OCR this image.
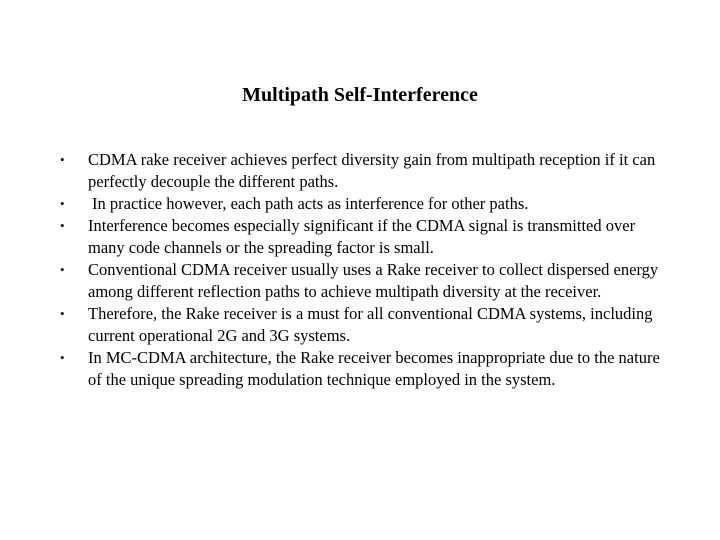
Multipath Self-Interference
•	CDMA rake receiver achieves perfect diversity gain from multipath reception if it can perfectly decouple the different paths.
•	In practice however, each path acts as interference for other paths.
•	Interference becomes especially significant if the CDMA signal is transmitted over many code channels or the spreading factor is small.
•	Conventional CDMA receiver usually uses a Rake receiver to collect dispersed energy among different reflection paths to achieve multipath diversity at the receiver.
•	Therefore, the Rake receiver is a must for all conventional CDMA systems, including current operational 2G and 3G systems.
•	In MC-CDMA architecture, the Rake receiver becomes inappropriate due to the nature of the unique spreading modulation technique employed in the system.
